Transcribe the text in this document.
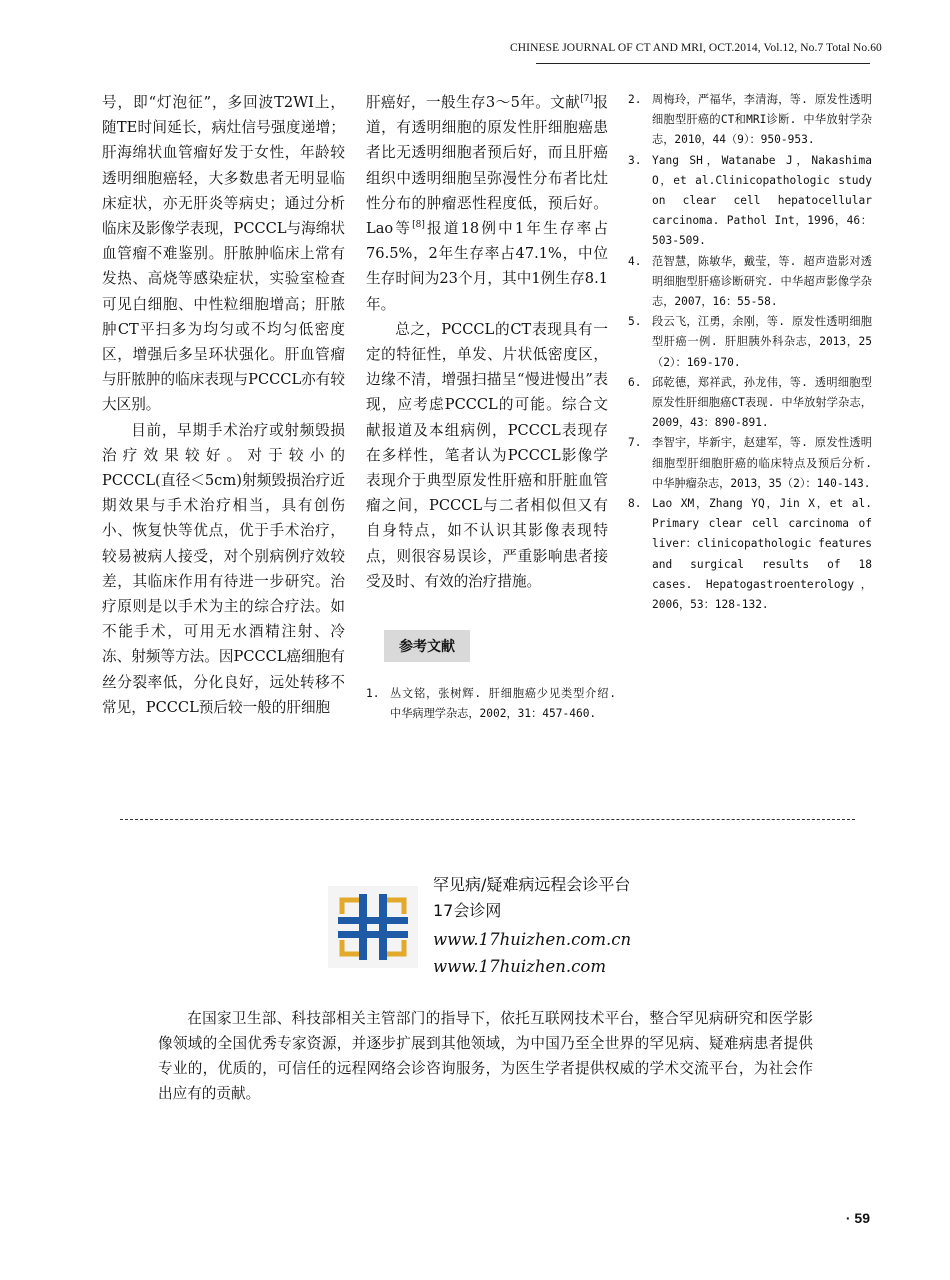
CHINESE JOURNAL OF CT AND MRI, OCT.2014, Vol.12, No.7 Total No.60

号，即“灯泡征”，多回波T2WI上，随TE时间延长，病灶信号强度递增；肝海绵状血管瘤好发于女性，年龄较透明细胞癌轻，大多数患者无明显临床症状，亦无肝炎等病史；通过分析临床及影像学表现，PCCCL与海绵状血管瘤不难鉴别。肝脓肿临床上常有发热、高烧等感染症状，实验室检查可见白细胞、中性粒细胞增高；肝脓肿CT平扫多为均匀或不均匀低密度区，增强后多呈环状强化。肝血管瘤与肝脓肿的临床表现与PCCCL亦有较大区别。

目前，早期手术治疗或射频毁损治疗效果较好。对于较小的PCCCL(直径＜5cm)射频毁损治疗近期效果与手术治疗相当，具有创伤小、恢复快等优点，优于手术治疗，较易被病人接受，对个别病例疗效较差，其临床作用有待进一步研究。治疗原则是以手术为主的综合疗法。如不能手术，可用无水酒精注射、冷冻、射频等方法。因PCCCL癌细胞有丝分裂率低，分化良好，远处转移不常见，PCCCL预后较一般的肝细胞

肝癌好，一般生存3～5年。文献[7]报道，有透明细胞的原发性肝细胞癌患者比无透明细胞者预后好，而且肝癌组织中透明细胞呈弥漫性分布者比灶性分布的肿瘤恶性程度低，预后好。Lao等[8]报道18例中1年生存率占76.5%，2年生存率占47.1%，中位生存时间为23个月，其中1例生存8.1年。

总之，PCCCL的CT表现具有一定的特征性，单发、片状低密度区，边缘不清，增强扫描呈“慢进慢出”表现，应考虑PCCCL的可能。综合文献报道及本组病例，PCCCL表现存在多样性，笔者认为PCCCL影像学表现介于典型原发性肝癌和肝脏血管瘤之间，PCCCL与二者相似但又有自身特点，如不认识其影像表现特点，则很容易误诊，严重影响患者接受及时、有效的治疗措施。

参考文献
1. 丛文铭，张树辉. 肝细胞癌少见类型介绍. 中华病理学杂志，2002，31：457-460.
2. 周梅玲，严福华，李清海，等. 原发性透明细胞型肝癌的CT和MRI诊断. 中华放射学杂志，2010，44（9）：950-953.
3. Yang SH，Watanabe J，Nakashima O，et al.Clinicopathologic study on clear cell hepatocellular carcinoma. Pathol Int，1996，46：503-509.
4. 范智慧，陈敏华，戴莹，等. 超声造影对透明细胞型肝癌诊断研究. 中华超声影像学杂志，2007，16：55-58.
5. 段云飞，江勇，余刚，等. 原发性透明细胞型肝癌一例. 肝胆胰外科杂志，2013，25（2）：169-170.
6. 邱乾德，郑祥武，孙龙伟，等. 透明细胞型原发性肝细胞癌CT表现. 中华放射学杂志，2009，43：890-891.
7. 李智宇，毕新宇，赵建军，等. 原发性透明细胞型肝细胞肝癌的临床特点及预后分析. 中华肿瘤杂志，2013，35（2）：140-143.
8. Lao XM，Zhang YQ，Jin X，et al. Primary clear cell carcinoma of liver：clinicopathologic features and surgical results of 18 cases. Hepatogastroenterology，2006，53：128-132.
罕见病/疑难病远程会诊平台
17会诊网
www.17huizhen.com.cn
www.17huizhen.com
在国家卫生部、科技部相关主管部门的指导下，依托互联网技术平台，整合罕见病研究和医学影像领域的全国优秀专家资源，并逐步扩展到其他领域，为中国乃至全世界的罕见病、疑难病患者提供专业的，优质的，可信任的远程网络会诊咨询服务，为医生学者提供权威的学术交流平台，为社会作出应有的贡献。
· 59
